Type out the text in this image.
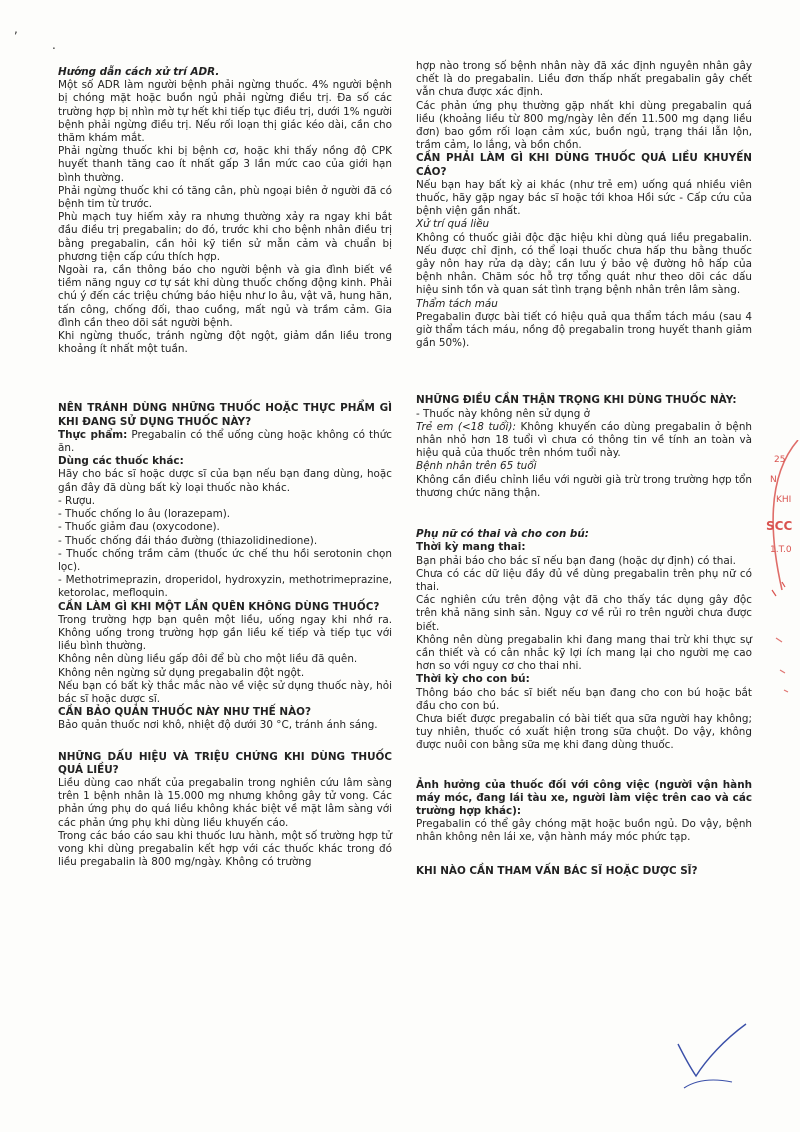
,
.

Hướng dẫn cách xử trí ADR.

Một số ADR làm người bệnh phải ngừng thuốc. 4% người bệnh bị chóng mặt hoặc buồn ngủ phải ngừng điều trị. Đa số các trường hợp bị nhìn mờ tự hết khi tiếp tục điều trị, dưới 1% người bệnh phải ngừng điều trị. Nếu rối loạn thị giác kéo dài, cần cho thăm khám mắt.

Phải ngừng thuốc khi bị bệnh cơ, hoặc khi thấy nồng độ CPK huyết thanh tăng cao ít nhất gấp 3 lần mức cao của giới hạn bình thường.

Phải ngừng thuốc khi có tăng cân, phù ngoại biên ở người đã có bệnh tim từ trước.

Phù mạch tuy hiếm xảy ra nhưng thường xảy ra ngay khi bắt đầu điều trị pregabalin; do đó, trước khi cho bệnh nhân điều trị bằng pregabalin, cần hỏi kỹ tiền sử mẫn cảm và chuẩn bị phương tiện cấp cứu thích hợp.

Ngoài ra, cần thông báo cho người bệnh và gia đình biết về tiềm năng nguy cơ tự sát khi dùng thuốc chống động kinh. Phải chú ý đến các triệu chứng báo hiệu như lo âu, vật vã, hung hăn, tấn công, chống đối, thao cuồng, mất ngủ và trầm cảm. Gia đình cần theo dõi sát người bệnh.

Khi ngừng thuốc, tránh ngừng đột ngột, giảm dần liều trong khoảng ít nhất một tuần.

NÊN TRÁNH DÙNG NHỮNG THUỐC HOẶC THỰC PHẨM GÌ KHI ĐANG SỬ DỤNG THUỐC NÀY?

Thực phẩm: Pregabalin có thể uống cùng hoặc không có thức ăn.

Dùng các thuốc khác:

Hãy cho bác sĩ hoặc dược sĩ của bạn nếu bạn đang dùng, hoặc gần đây đã dùng bất kỳ loại thuốc nào khác.

- Rượu.

- Thuốc chống lo âu (lorazepam).

- Thuốc giảm đau (oxycodone).

- Thuốc chống đái tháo đường (thiazolidinedione).

- Thuốc chống trầm cảm (thuốc ức chế thu hồi serotonin chọn lọc).

- Methotrimeprazin, droperidol, hydroxyzin, methotrimeprazine, ketorolac, mefloquin.

CẦN LÀM GÌ KHI MỘT LẦN QUÊN KHÔNG DÙNG THUỐC?

Trong trường hợp bạn quên một liều, uống ngay khi nhớ ra. Không uống trong trường hợp gần liều kế tiếp và tiếp tục với liều bình thường.

Không nên dùng liều gấp đôi để bù cho một liều đã quên.

Không nên ngừng sử dụng pregabalin đột ngột.

Nếu bạn có bất kỳ thắc mắc nào về việc sử dụng thuốc này, hỏi bác sĩ hoặc dược sĩ.

CẦN BẢO QUẢN THUỐC NÀY NHƯ THẾ NÀO?

Bảo quản thuốc nơi khô, nhiệt độ dưới 30 °C, tránh ánh sáng.

NHỮNG DẤU HIỆU VÀ TRIỆU CHỨNG KHI DÙNG THUỐC QUÁ LIỀU?

Liều dùng cao nhất của pregabalin trong nghiên cứu lâm sàng trên 1 bệnh nhân là 15.000 mg nhưng không gây tử vong. Các phản ứng phụ do quá liều không khác biệt về mặt lâm sàng với các phản ứng phụ khi dùng liều khuyến cáo.

Trong các báo cáo sau khi thuốc lưu hành, một số trường hợp tử vong khi dùng pregabalin kết hợp với các thuốc khác trong đó liều pregabalin là 800 mg/ngày. Không có trường

hợp nào trong số bệnh nhân này đã xác định nguyên nhân gây chết là do pregabalin. Liều đơn thấp nhất pregabalin gây chết vẫn chưa được xác định.

Các phản ứng phụ thường gặp nhất khi dùng pregabalin quá liều (khoảng liều từ 800 mg/ngày lên đến 11.500 mg dạng liều đơn) bao gồm rối loạn cảm xúc, buồn ngủ, trạng thái lẫn lộn, trầm cảm, lo lắng, và bồn chồn.

CẦN PHẢI LÀM GÌ KHI DÙNG THUỐC QUÁ LIỀU KHUYẾN CÁO?

Nếu bạn hay bất kỳ ai khác (như trẻ em) uống quá nhiều viên thuốc, hãy gặp ngay bác sĩ hoặc tới khoa Hồi sức - Cấp cứu của bệnh viện gần nhất.

Xử trí quá liều

Không có thuốc giải độc đặc hiệu khi dùng quá liều pregabalin. Nếu được chỉ định, có thể loại thuốc chưa hấp thu bằng thuốc gây nôn hay rửa dạ dày; cần lưu ý bảo vệ đường hô hấp của bệnh nhân. Chăm sóc hỗ trợ tổng quát như theo dõi các dấu hiệu sinh tồn và quan sát tình trạng bệnh nhân trên lâm sàng.

Thẩm tách máu

Pregabalin được bài tiết có hiệu quả qua thẩm tách máu (sau 4 giờ thẩm tách máu, nồng độ pregabalin trong huyết thanh giảm gần 50%).

NHỮNG ĐIỀU CẦN THẬN TRỌNG KHI DÙNG THUỐC NÀY:

- Thuốc này không nên sử dụng ở

Trẻ em (<18 tuổi): Không khuyến cáo dùng pregabalin ở bệnh nhân nhỏ hơn 18 tuổi vì chưa có thông tin về tính an toàn và hiệu quả của thuốc trên nhóm tuổi này.

Bệnh nhân trên 65 tuổi

Không cần điều chỉnh liều với người già trừ trong trường hợp tổn thương chức năng thận.

Phụ nữ có thai và cho con bú:

Thời kỳ mang thai:

Bạn phải báo cho bác sĩ nếu bạn đang (hoặc dự định) có thai.

Chưa có các dữ liệu đầy đủ về dùng pregabalin trên phụ nữ có thai.

Các nghiên cứu trên động vật đã cho thấy tác dụng gây độc trên khả năng sinh sản. Nguy cơ về rủi ro trên người chưa được biết.

Không nên dùng pregabalin khi đang mang thai trừ khi thực sự cần thiết và có cân nhắc kỹ lợi ích mang lại cho người mẹ cao hơn so với nguy cơ cho thai nhi.

Thời kỳ cho con bú:

Thông báo cho bác sĩ biết nếu bạn đang cho con bú hoặc bắt đầu cho con bú.

Chưa biết được pregabalin có bài tiết qua sữa người hay không; tuy nhiên, thuốc có xuất hiện trong sữa chuột. Do vậy, không được nuôi con bằng sữa mẹ khi đang dùng thuốc.

Ảnh hưởng của thuốc đối với công việc (người vận hành máy móc, đang lái tàu xe, người làm việc trên cao và các trường hợp khác):

Pregabalin có thể gây chóng mặt hoặc buồn ngủ. Do vậy, bệnh nhân không nên lái xe, vận hành máy móc phức tạp.

KHI NÀO CẦN THAM VẤN BÁC SĨ HOẶC DƯỢC SĨ?

25
N
KHI
SCC
1.T.0
